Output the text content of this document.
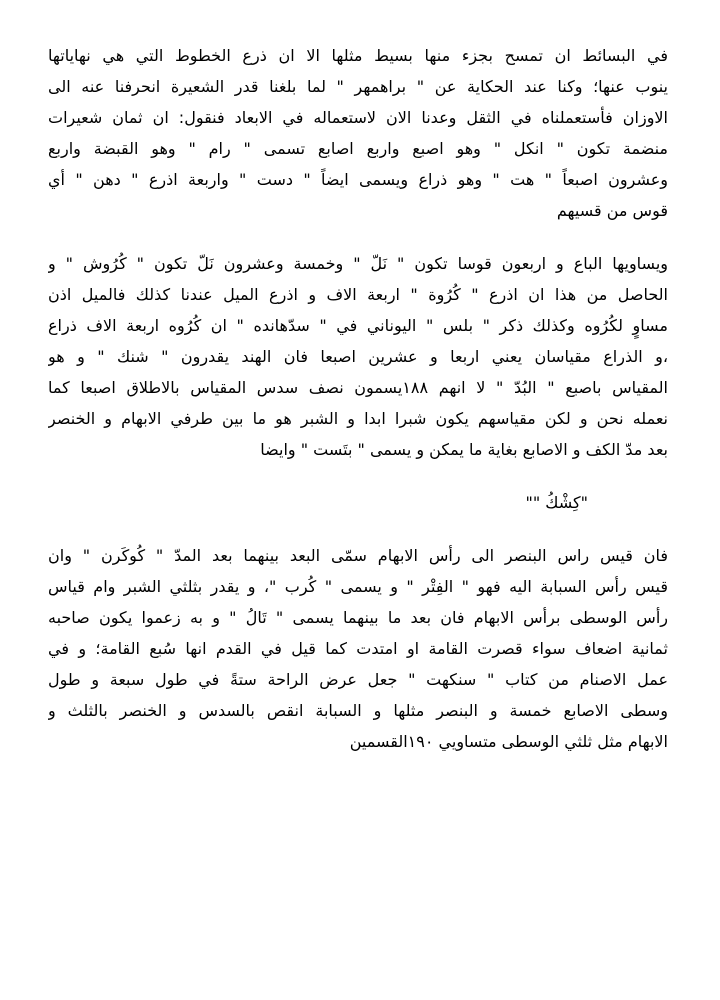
في البسائط ان تمسح بجزء منها بسيط مثلها الا ان ذرع الخطوط التي هي نهاياتها
ينوب عنها؛ وكنا عند الحكاية عن " براهمهر " لما بلغنا قدر الشعيرة انحرفنا عنه الى
الاوزان فأستعملناه في الثقل وعدنا الان لاستعماله في الابعاد فنقول: ان ثمان شعيرات
منضمة تكون " انكل " وهو اصبع واربع اصابع تسمى " رام " وهو القبضة واربع
وعشرون اصبعاً " هت " وهو ذراع ويسمى ايضاً " دست " واربعة اذرع " دهن " أي
قوس من قسيهم
ويساويها الباع و اربعون قوسا تكون " نَلّ " وخمسة وعشرون نَلّ تكون " كُرُوش " و
الحاصل من هذا ان اذرع " كُرُوة " اربعة الاف و اذرع الميل عندنا كذلك فالميل اذن
مساوٍ لكُرُوه وكذلك ذكر " بلس " اليوناني في " سدّهانده " ان كُرُوه اربعة الاف ذراع
،و الذراع مقياسان يعني اربعا و عشرين اصبعا فان الهند يقدرون " شنك " و هو
المقياس باصبع " البُدّ " لا انهم ١٨٨يسمون نصف سدس المقياس بالاطلاق اصبعا كما
نعمله نحن و لكن مقياسهم يكون شبرا ابدا و الشبر هو ما بين طرفي الابهام و الخنصر
بعد مدّ الكف و الاصابع بغاية ما يمكن و يسمى " بتَست " وايضا
"كِشْكُ ""
فان قيس راس البنصر الى رأس الابهام سمّى البعد بينهما بعد المدّ " كُوكَرن " وان
قيس رأس السبابة اليه فهو " الفِتْر " و يسمى " كُرب "، و يقدر بثلثي الشبر وام قياس
رأس الوسطى برأس الابهام فان بعد ما بينهما يسمى " تَالُ " و به زعموا يكون صاحبه
ثمانية اضعاف سواء قصرت القامة او امتدت كما قيل في القدم انها سُبع القامة؛ و في
عمل الاصنام من كتاب " سنكهت " جعل عرض الراحة ستةً في طول سبعة و طول
وسطى الاصابع خمسة و البنصر مثلها و السبابة انقص بالسدس و الخنصر بالثلث و
الابهام مثل ثلثي الوسطى متساويي ١٩٠القسمين
